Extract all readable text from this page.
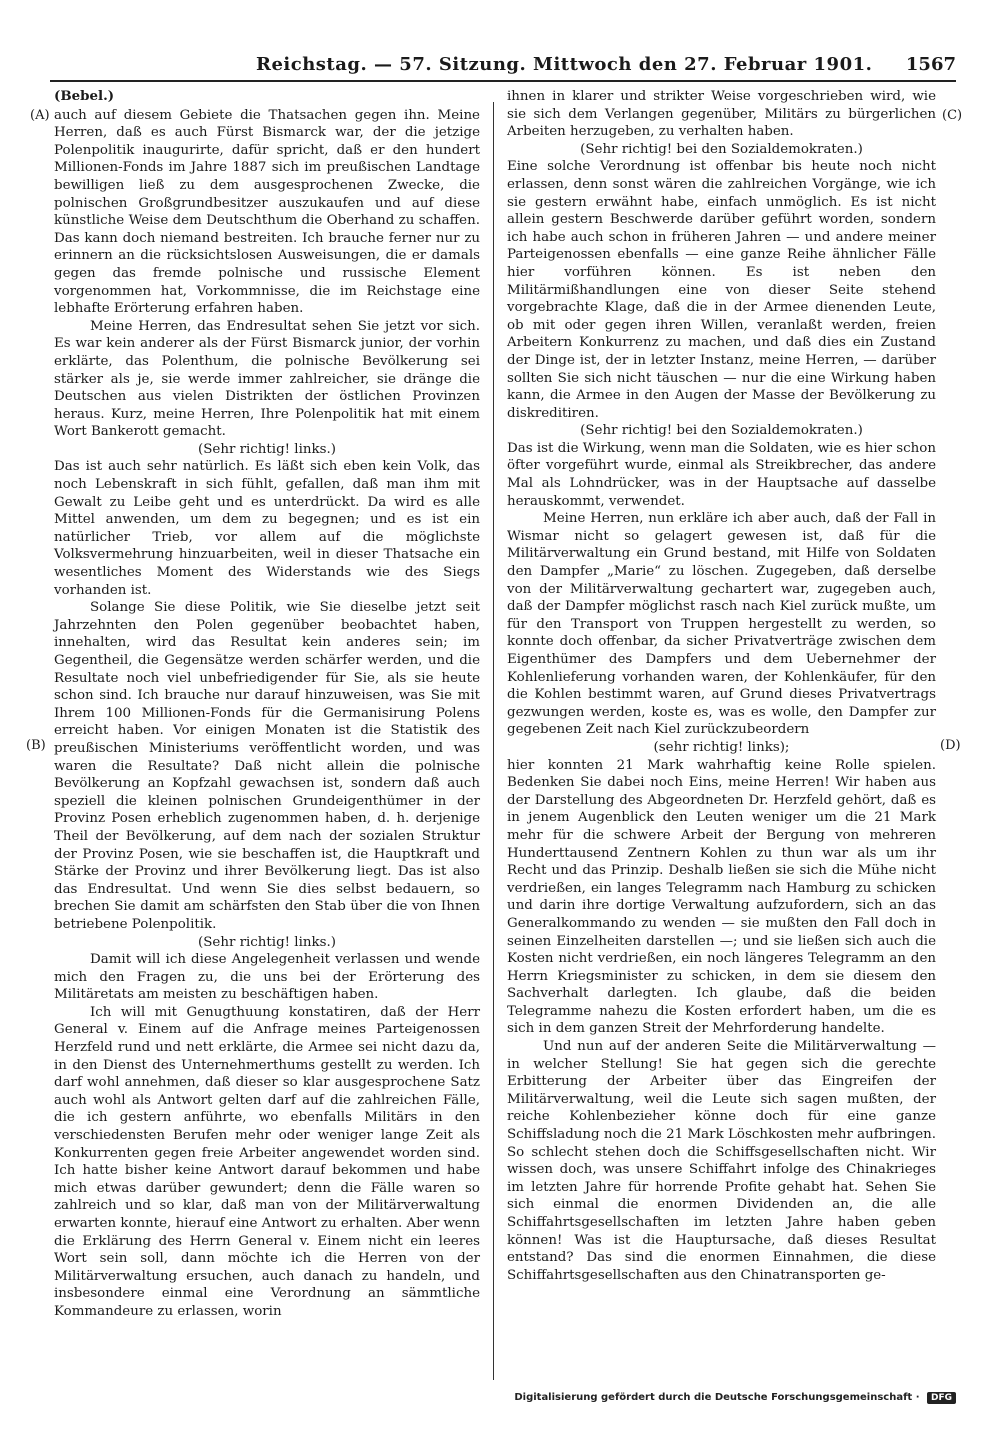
Reichstag. — 57. Sitzung. Mittwoch den 27. Februar 1901. 1567
(A)
(B)
(C)
(D)

(Bebel.)

auch auf diesem Gebiete die Thatsachen gegen ihn. Meine Herren, daß es auch Fürst Bismarck war, der die jetzige Polenpolitik inaugurirte, dafür spricht, daß er den hundert Millionen-Fonds im Jahre 1887 sich im preußischen Landtage bewilligen ließ zu dem ausgesprochenen Zwecke, die polnischen Großgrundbesitzer auszukaufen und auf diese künstliche Weise dem Deutschthum die Oberhand zu schaffen. Das kann doch niemand bestreiten. Ich brauche ferner nur zu erinnern an die rücksichtslosen Ausweisungen, die er damals gegen das fremde polnische und russische Element vorgenommen hat, Vorkommnisse, die im Reichstage eine lebhafte Erörterung erfahren haben.

Meine Herren, das Endresultat sehen Sie jetzt vor sich. Es war kein anderer als der Fürst Bismarck junior, der vorhin erklärte, das Polenthum, die polnische Bevölkerung sei stärker als je, sie werde immer zahlreicher, sie dränge die Deutschen aus vielen Distrikten der östlichen Provinzen heraus. Kurz, meine Herren, Ihre Polenpolitik hat mit einem Wort Bankerott gemacht.

(Sehr richtig! links.)

Das ist auch sehr natürlich. Es läßt sich eben kein Volk, das noch Lebenskraft in sich fühlt, gefallen, daß man ihm mit Gewalt zu Leibe geht und es unterdrückt. Da wird es alle Mittel anwenden, um dem zu begegnen; und es ist ein natürlicher Trieb, vor allem auf die möglichste Volksvermehrung hinzuarbeiten, weil in dieser Thatsache ein wesentliches Moment des Widerstands wie des Siegs vorhanden ist.

Solange Sie diese Politik, wie Sie dieselbe jetzt seit Jahrzehnten den Polen gegenüber beobachtet haben, innehalten, wird das Resultat kein anderes sein; im Gegentheil, die Gegensätze werden schärfer werden, und die Resultate noch viel unbefriedigender für Sie, als sie heute schon sind. Ich brauche nur darauf hinzuweisen, was Sie mit Ihrem 100 Millionen-Fonds für die Germanisirung Polens erreicht haben. Vor einigen Monaten ist die Statistik des preußischen Ministeriums veröffentlicht worden, und was waren die Resultate? Daß nicht allein die polnische Bevölkerung an Kopfzahl gewachsen ist, sondern daß auch speziell die kleinen polnischen Grundeigenthümer in der Provinz Posen erheblich zugenommen haben, d. h. derjenige Theil der Bevölkerung, auf dem nach der sozialen Struktur der Provinz Posen, wie sie beschaffen ist, die Hauptkraft und Stärke der Provinz und ihrer Bevölkerung liegt. Das ist also das Endresultat. Und wenn Sie dies selbst bedauern, so brechen Sie damit am schärfsten den Stab über die von Ihnen betriebene Polenpolitik.

(Sehr richtig! links.)

Damit will ich diese Angelegenheit verlassen und wende mich den Fragen zu, die uns bei der Erörterung des Militäretats am meisten zu beschäftigen haben.

Ich will mit Genugthuung konstatiren, daß der Herr General v. Einem auf die Anfrage meines Parteigenossen Herzfeld rund und nett erklärte, die Armee sei nicht dazu da, in den Dienst des Unternehmerthums gestellt zu werden. Ich darf wohl annehmen, daß dieser so klar ausgesprochene Satz auch wohl als Antwort gelten darf auf die zahlreichen Fälle, die ich gestern anführte, wo ebenfalls Militärs in den verschiedensten Berufen mehr oder weniger lange Zeit als Konkurrenten gegen freie Arbeiter angewendet worden sind. Ich hatte bisher keine Antwort darauf bekommen und habe mich etwas darüber gewundert; denn die Fälle waren so zahlreich und so klar, daß man von der Militärverwaltung erwarten konnte, hierauf eine Antwort zu erhalten. Aber wenn die Erklärung des Herrn General v. Einem nicht ein leeres Wort sein soll, dann möchte ich die Herren von der Militärverwaltung ersuchen, auch danach zu handeln, und insbesondere einmal eine Verordnung an sämmtliche Kommandeure zu erlassen, worin

ihnen in klarer und strikter Weise vorgeschrieben wird, wie sie sich dem Verlangen gegenüber, Militärs zu bürgerlichen Arbeiten herzugeben, zu verhalten haben.

(Sehr richtig! bei den Sozialdemokraten.)

Eine solche Verordnung ist offenbar bis heute noch nicht erlassen, denn sonst wären die zahlreichen Vorgänge, wie ich sie gestern erwähnt habe, einfach unmöglich. Es ist nicht allein gestern Beschwerde darüber geführt worden, sondern ich habe auch schon in früheren Jahren — und andere meiner Parteigenossen ebenfalls — eine ganze Reihe ähnlicher Fälle hier vorführen können. Es ist neben den Militärmißhandlungen eine von dieser Seite stehend vorgebrachte Klage, daß die in der Armee dienenden Leute, ob mit oder gegen ihren Willen, veranlaßt werden, freien Arbeitern Konkurrenz zu machen, und daß dies ein Zustand der Dinge ist, der in letzter Instanz, meine Herren, — darüber sollten Sie sich nicht täuschen — nur die eine Wirkung haben kann, die Armee in den Augen der Masse der Bevölkerung zu diskreditiren.

(Sehr richtig! bei den Sozialdemokraten.)

Das ist die Wirkung, wenn man die Soldaten, wie es hier schon öfter vorgeführt wurde, einmal als Streikbrecher, das andere Mal als Lohndrücker, was in der Hauptsache auf dasselbe herauskommt, verwendet.

Meine Herren, nun erkläre ich aber auch, daß der Fall in Wismar nicht so gelagert gewesen ist, daß für die Militärverwaltung ein Grund bestand, mit Hilfe von Soldaten den Dampfer „Marie“ zu löschen. Zugegeben, daß derselbe von der Militärverwaltung gechartert war, zugegeben auch, daß der Dampfer möglichst rasch nach Kiel zurück mußte, um für den Transport von Truppen hergestellt zu werden, so konnte doch offenbar, da sicher Privatverträge zwischen dem Eigenthümer des Dampfers und dem Uebernehmer der Kohlenlieferung vorhanden waren, der Kohlenkäufer, für den die Kohlen bestimmt waren, auf Grund dieses Privatvertrags gezwungen werden, koste es, was es wolle, den Dampfer zur gegebenen Zeit nach Kiel zurückzubeordern

(sehr richtig! links);

hier konnten 21 Mark wahrhaftig keine Rolle spielen. Bedenken Sie dabei noch Eins, meine Herren! Wir haben aus der Darstellung des Abgeordneten Dr. Herzfeld gehört, daß es in jenem Augenblick den Leuten weniger um die 21 Mark mehr für die schwere Arbeit der Bergung von mehreren Hunderttausend Zentnern Kohlen zu thun war als um ihr Recht und das Prinzip. Deshalb ließen sie sich die Mühe nicht verdrießen, ein langes Telegramm nach Hamburg zu schicken und darin ihre dortige Verwaltung aufzufordern, sich an das Generalkommando zu wenden — sie mußten den Fall doch in seinen Einzelheiten darstellen —; und sie ließen sich auch die Kosten nicht verdrießen, ein noch längeres Telegramm an den Herrn Kriegsminister zu schicken, in dem sie diesem den Sachverhalt darlegten. Ich glaube, daß die beiden Telegramme nahezu die Kosten erfordert haben, um die es sich in dem ganzen Streit der Mehrforderung handelte.

Und nun auf der anderen Seite die Militärverwaltung — in welcher Stellung! Sie hat gegen sich die gerechte Erbitterung der Arbeiter über das Eingreifen der Militärverwaltung, weil die Leute sich sagen mußten, der reiche Kohlenbezieher könne doch für eine ganze Schiffsladung noch die 21 Mark Löschkosten mehr aufbringen. So schlecht stehen doch die Schiffsgesellschaften nicht. Wir wissen doch, was unsere Schiffahrt infolge des Chinakrieges im letzten Jahre für horrende Profite gehabt hat. Sehen Sie sich einmal die enormen Dividenden an, die alle Schiffahrtsgesellschaften im letzten Jahre haben geben können! Was ist die Hauptursache, daß dieses Resultat entstand? Das sind die enormen Einnahmen, die diese Schiffahrtsgesellschaften aus den Chinatransporten ge-

Digitalisierung gefördert durch die Deutsche Forschungsgemeinschaft · DFG
